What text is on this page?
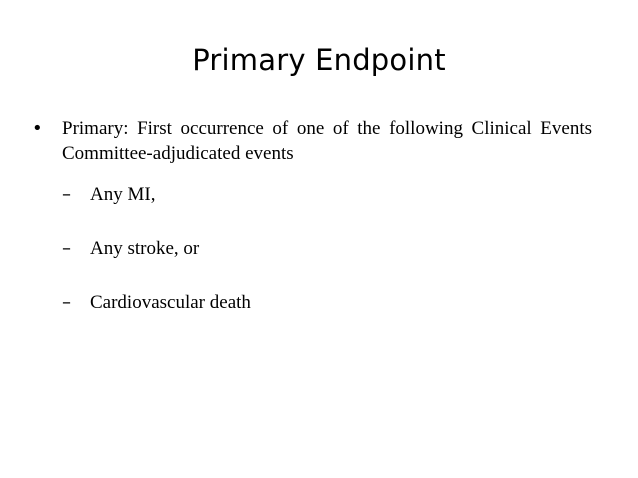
Primary Endpoint
• Primary: First occurrence of one of the following Clinical Events Committee-adjudicated events
– Any MI,
– Any stroke, or
– Cardiovascular death
